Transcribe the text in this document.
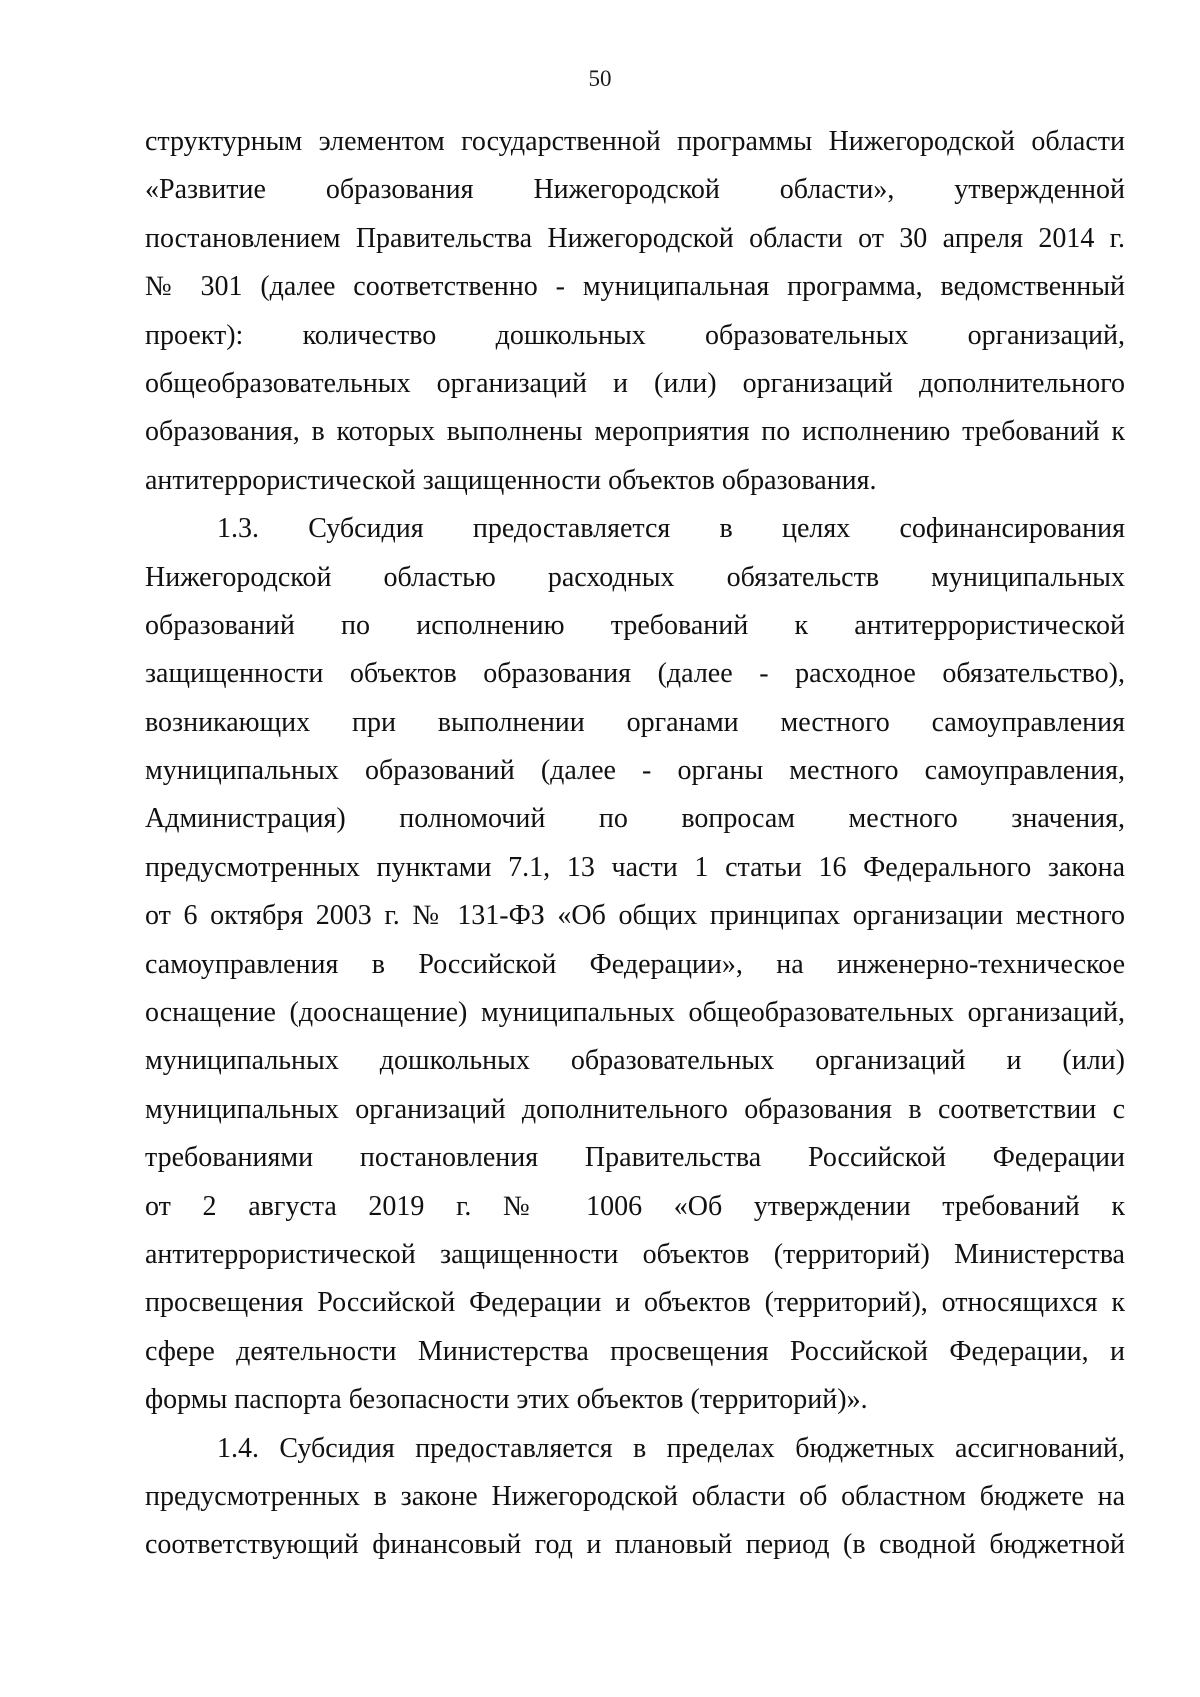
50
структурным элементом государственной программы Нижегородской области
«Развитие образования Нижегородской области», утвержденной
постановлением Правительства Нижегородской области от 30 апреля 2014 г.
№ 301 (далее соответственно - муниципальная программа, ведомственный
проект): количество дошкольных образовательных организаций,
общеобразовательных организаций и (или) организаций дополнительного
образования, в которых выполнены мероприятия по исполнению требований к
антитеррористической защищенности объектов образования.
1.3. Субсидия предоставляется в целях софинансирования
Нижегородской областью расходных обязательств муниципальных
образований по исполнению требований к антитеррористической
защищенности объектов образования (далее - расходное обязательство),
возникающих при выполнении органами местного самоуправления
муниципальных образований (далее - органы местного самоуправления,
Администрация) полномочий по вопросам местного значения,
предусмотренных пунктами 7.1, 13 части 1 статьи 16 Федерального закона
от 6 октября 2003 г. № 131-ФЗ «Об общих принципах организации местного
самоуправления в Российской Федерации», на инженерно-техническое
оснащение (дооснащение) муниципальных общеобразовательных организаций,
муниципальных дошкольных образовательных организаций и (или)
муниципальных организаций дополнительного образования в соответствии с
требованиями постановления Правительства Российской Федерации
от 2 августа 2019 г. № 1006 «Об утверждении требований к
антитеррористической защищенности объектов (территорий) Министерства
просвещения Российской Федерации и объектов (территорий), относящихся к
сфере деятельности Министерства просвещения Российской Федерации, и
формы паспорта безопасности этих объектов (территорий)».
1.4. Субсидия предоставляется в пределах бюджетных ассигнований,
предусмотренных в законе Нижегородской области об областном бюджете на
соответствующий финансовый год и плановый период (в сводной бюджетной
